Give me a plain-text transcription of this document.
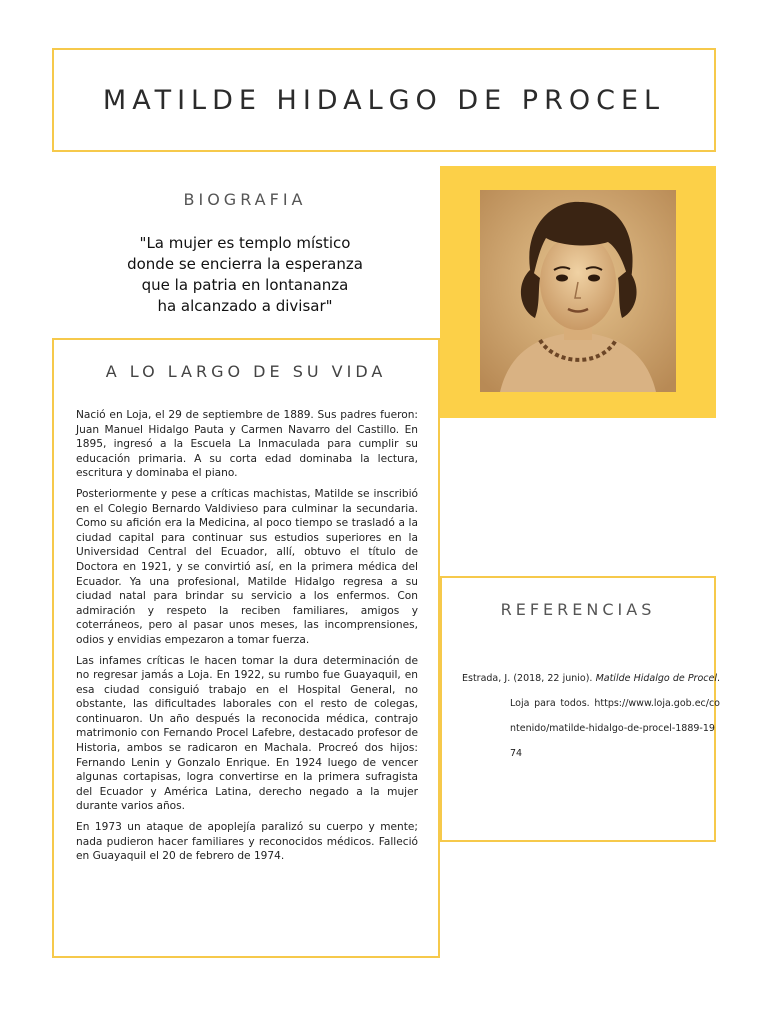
MATILDE HIDALGO DE PROCEL
BIOGRAFIA
"La mujer es templo místico
donde se encierra la esperanza
que la patria en lontananza
ha alcanzado a divisar"
A LO LARGO DE SU VIDA

Nació en Loja, el 29 de septiembre de 1889. Sus padres fueron: Juan Manuel Hidalgo Pauta y Carmen Navarro del Castillo. En 1895, ingresó a la Escuela La Inmaculada para cumplir su educación primaria. A su corta edad dominaba la lectura, escritura y dominaba el piano.

Posteriormente y pese a críticas machistas, Matilde se inscribió en el Colegio Bernardo Valdivieso para culminar la secundaria. Como su afición era la Medicina, al poco tiempo se trasladó a la ciudad capital para continuar sus estudios superiores en la Universidad Central del Ecuador, allí, obtuvo el título de Doctora en 1921, y se convirtió así, en la primera médica del Ecuador. Ya una profesional, Matilde Hidalgo regresa a su ciudad natal para brindar su servicio a los enfermos. Con admiración y respeto la reciben familiares, amigos y coterráneos, pero al pasar unos meses, las incomprensiones, odios y envidias empezaron a tomar fuerza.

Las infames críticas le hacen tomar la dura determinación de no regresar jamás a Loja. En 1922, su rumbo fue Guayaquil, en esa ciudad consiguió trabajo en el Hospital General, no obstante, las dificultades laborales con el resto de colegas, continuaron. Un año después la reconocida médica, contrajo matrimonio con Fernando Procel Lafebre, destacado profesor de Historia, ambos se radicaron en Machala. Procreó dos hijos: Fernando Lenin y Gonzalo Enrique. En 1924 luego de vencer algunas cortapisas, logra convertirse en la primera sufragista del Ecuador y América Latina, derecho negado a la mujer durante varios años.

En 1973 un ataque de apoplejía paralizó su cuerpo y mente; nada pudieron hacer familiares y reconocidos médicos. Falleció en Guayaquil el 20 de febrero de 1974.

REFERENCIAS
Estrada, J. (2018, 22 junio). Matilde Hidalgo de Procel. Loja para todos. https://www.loja.gob.ec/contenido/matilde-hidalgo-de-procel-1889-1974
